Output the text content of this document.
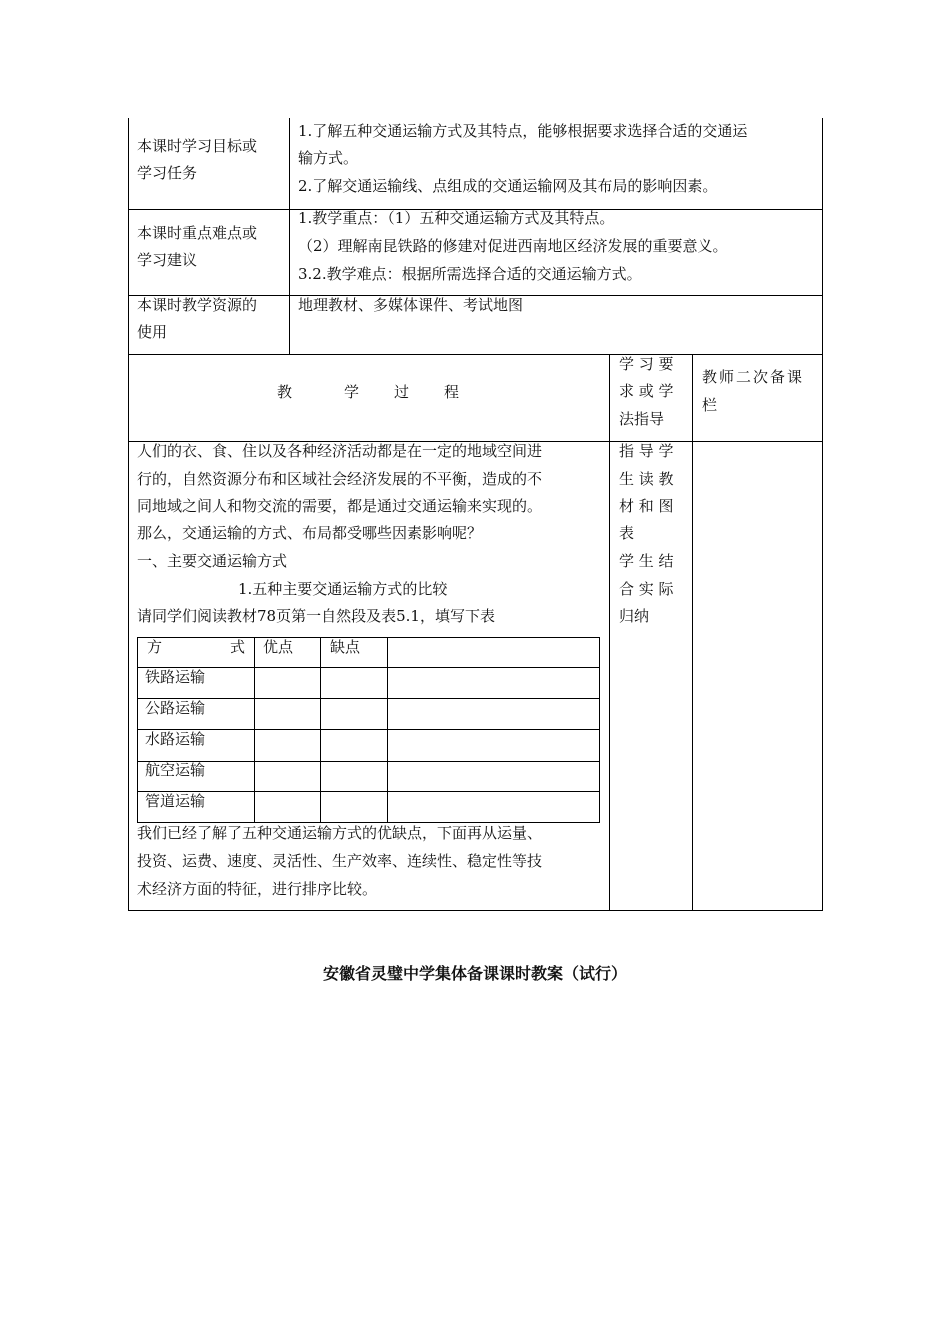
本课时学习目标或
学习任务
1.了解五种交通运输方式及其特点，能够根据要求选择合适的交通运
输方式。
2.了解交通运输线、点组成的交通运输网及其布局的影响因素。
本课时重点难点或
学习建议
1.教学重点：（1）五种交通运输方式及其特点。
（2）理解南昆铁路的修建对促进西南地区经济发展的重要意义。
3.2.教学难点：根据所需选择合适的交通运输方式。
本课时教学资源的
使用
地理教材、多媒体课件、考试地图
教	学 过 程
学 习 要
求 或 学
法指导
教师二次备课
栏
人们的衣、食、住以及各种经济活动都是在一定的地域空间进
行的，自然资源分布和区域社会经济发展的不平衡，造成的不
同地域之间人和物交流的需要，都是通过交通运输来实现的。
那么，交通运输的方式、布局都受哪些因素影响呢？
一、主要交通运输方式
1.五种主要交通运输方式的比较
请同学们阅读教材78页第一自然段及表5.1，填写下表
方	式 优点 缺点
铁路运输
公路运输
水路运输
航空运输
管道运输
我们已经了解了五种交通运输方式的优缺点，下面再从运量、
投资、运费、速度、灵活性、生产效率、连续性、稳定性等技
术经济方面的特征，进行排序比较。
指 导 学
生 读 教
材 和 图
表
学 生 结
合 实 际
归纳
安徽省灵璧中学集体备课课时教案（试行）
